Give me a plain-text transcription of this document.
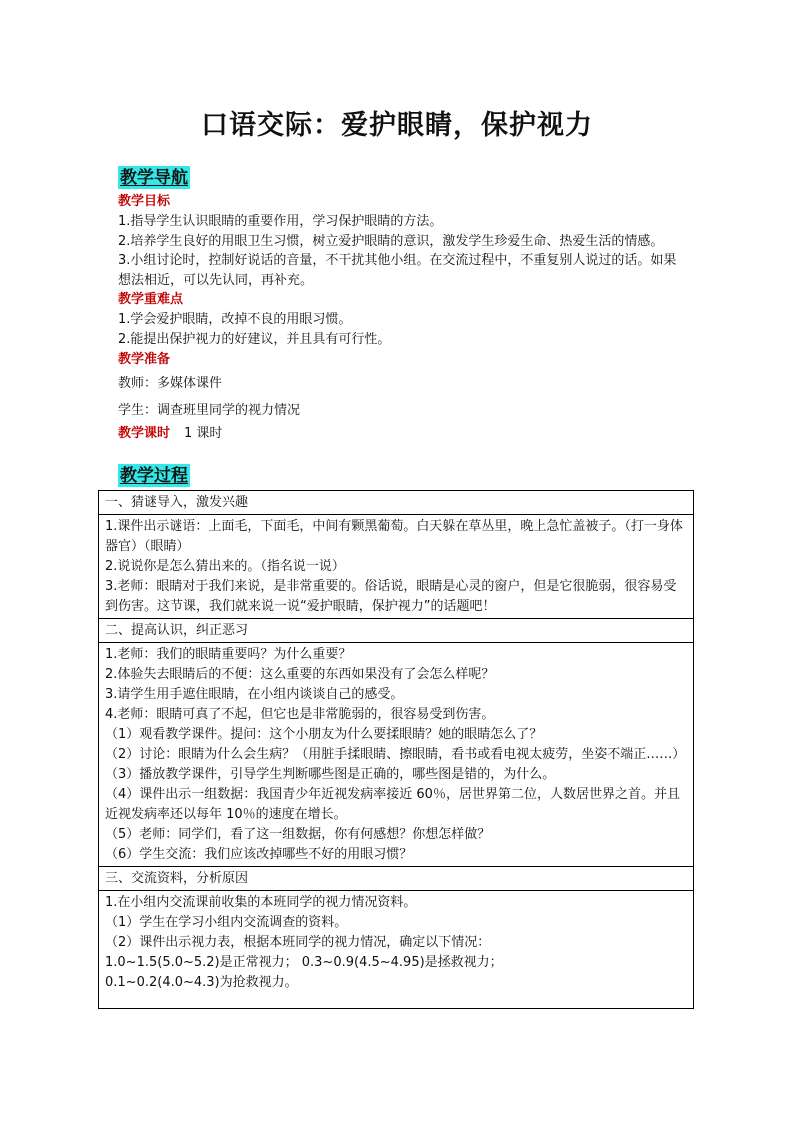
口语交际：爱护眼睛，保护视力
教学导航
教学目标

1.指导学生认识眼睛的重要作用，学习保护眼睛的方法。

2.培养学生良好的用眼卫生习惯，树立爱护眼睛的意识，激发学生珍爱生命、热爱生活的情感。

3.小组讨论时，控制好说话的音量，不干扰其他小组。在交流过程中，不重复别人说过的话。如果想法相近，可以先认同，再补充。

教学重难点

1.学会爱护眼睛，改掉不良的用眼习惯。

2.能提出保护视力的好建议，并且具有可行性。

教学准备

教师：多媒体课件

学生：调查班里同学的视力情况

教学课时 1 课时
教学过程
一、猜谜导入，激发兴趣

1.课件出示谜语：上面毛，下面毛，中间有颗黑葡萄。白天躲在草丛里，晚上急忙盖被子。（打一身体器官）（眼睛）

2.说说你是怎么猜出来的。（指名说一说）

3.老师：眼睛对于我们来说，是非常重要的。俗话说，眼睛是心灵的窗户，但是它很脆弱，很容易受到伤害。这节课，我们就来说一说“爱护眼睛，保护视力”的话题吧！

二、提高认识，纠正恶习

1.老师：我们的眼睛重要吗？为什么重要？

2.体验失去眼睛后的不便：这么重要的东西如果没有了会怎么样呢？

3.请学生用手遮住眼睛，在小组内谈谈自己的感受。

4.老师：眼睛可真了不起，但它也是非常脆弱的，很容易受到伤害。

（1）观看教学课件。提问：这个小朋友为什么要揉眼睛？她的眼睛怎么了？

（2）讨论：眼睛为什么会生病？（用脏手揉眼睛、擦眼睛，看书或看电视太疲劳，坐姿不端正……）

（3）播放教学课件，引导学生判断哪些图是正确的，哪些图是错的，为什么。

（4）课件出示一组数据：我国青少年近视发病率接近 60％，居世界第二位，人数居世界之首。并且近视发病率还以每年 10％的速度在增长。

（5）老师：同学们，看了这一组数据，你有何感想？你想怎样做？

（6）学生交流：我们应该改掉哪些不好的用眼习惯？

三、交流资料，分析原因

1.在小组内交流课前收集的本班同学的视力情况资料。

（1）学生在学习小组内交流调查的资料。

（2）课件出示视力表，根据本班同学的视力情况，确定以下情况：

1.0~1.5(5.0~5.2)是正常视力； 0.3~0.9(4.5~4.95)是拯救视力；

0.1~0.2(4.0~4.3)为抢救视力。
